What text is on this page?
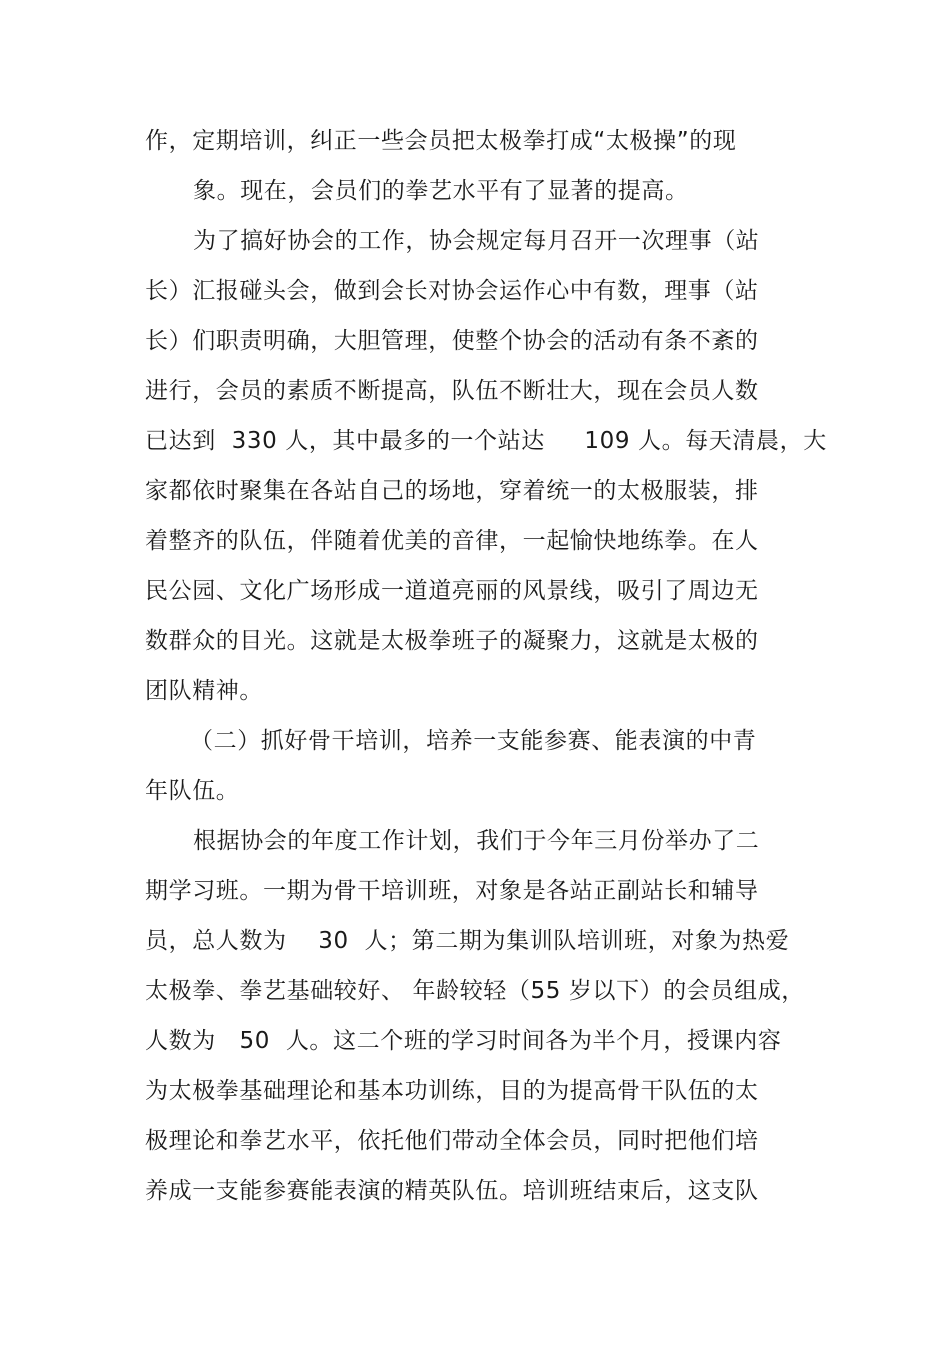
作，定期培训，纠正一些会员把太极拳打成“太极操”的现
象。现在，会员们的拳艺水平有了显著的提高。
为了搞好协会的工作，协会规定每月召开一次理事（站
长）汇报碰头会，做到会长对协会运作心中有数，理事（站
长）们职责明确，大胆管理，使整个协会的活动有条不紊的
进行，会员的素质不断提高，队伍不断壮大，现在会员人数
已达到  330 人，其中最多的一个站达     109 人。每天清晨，大
家都依时聚集在各站自己的场地，穿着统一的太极服装，排
着整齐的队伍，伴随着优美的音律，一起愉快地练拳。在人
民公园、文化广场形成一道道亮丽的风景线，吸引了周边无
数群众的目光。这就是太极拳班子的凝聚力，这就是太极的
团队精神。
（二）抓好骨干培训，培养一支能参赛、能表演的中青
年队伍。
根据协会的年度工作计划，我们于今年三月份举办了二
期学习班。一期为骨干培训班，对象是各站正副站长和辅导
员，总人数为    30  人；第二期为集训队培训班，对象为热爱
太极拳、拳艺基础较好、 年龄较轻（55 岁以下）的会员组成，
人数为   50  人。这二个班的学习时间各为半个月，授课内容
为太极拳基础理论和基本功训练，目的为提高骨干队伍的太
极理论和拳艺水平，依托他们带动全体会员，同时把他们培
养成一支能参赛能表演的精英队伍。培训班结束后，这支队
